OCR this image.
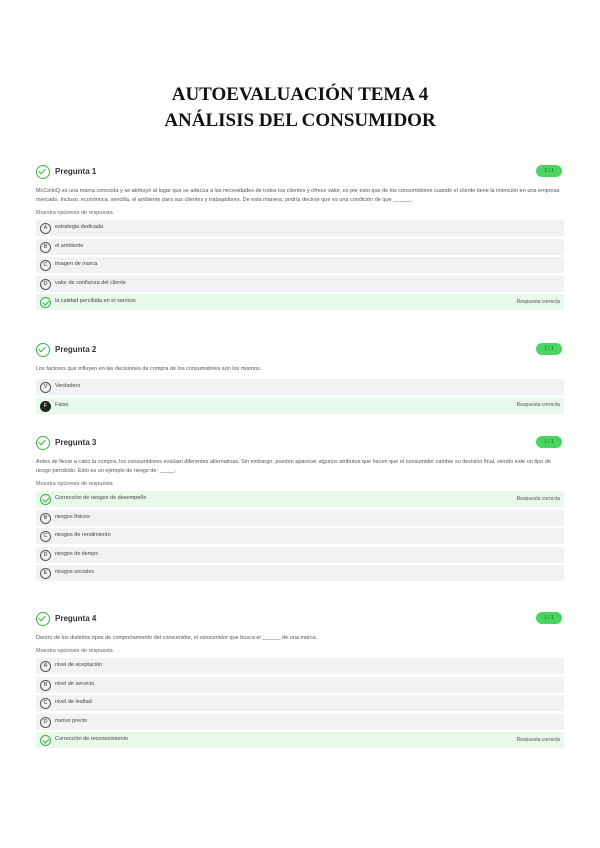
AUTOEVALUACIÓN TEMA 4
ANÁLISIS DEL CONSUMIDOR
Pregunta 1	1 / 1
McColloQ es una marca conocida y se atribuyó al lugar que se adecúa a las necesidades de todos los clientes y ofrece valor, es por esto que de los consumidores cuando el cliente tiene la intención en una empresa mercado. Incluso, económica, sencilla, el ambiente para sus clientes y trabajadores. De esta manera, podría decirse que es una condición de que ______.
Muestra opciones de respuesta
A	estrategia dedicada
B	el ambiente
C	imagen de marca
D	valor de confianza del cliente
la calidad percibida en el servicio	Respuesta correcta
Pregunta 2	1 / 1
Los factores que influyen en las decisiones de compra de los consumidores son los mismos.
V	Verdadero
F	Falso	Respuesta correcta
Pregunta 3	1 / 1
Antes de llevar a cabo la compra, los consumidores evalúan diferentes alternativas. Sin embargo, pueden aparecer algunos atributos que hacen que el consumidor cambie su decisión final, siendo este un tipo de riesgo percibido. Esto es un ejemplo de riesgo de: _____.
Muestra opciones de respuesta
Corrección de riesgos de desempeño	Respuesta correcta
B	riesgos físicos
C	riesgos de rendimiento
D	riesgos de tiempo
E	riesgos sociales
Pregunta 4	1 / 1
Dentro de los distintos tipos de comportamiento del consumidor, el consumidor que busca el ______ de una marca.
Muestra opciones de respuesta
A	nivel de aceptación
B	nivel de servicio
C	nivel de lealtad
D	menor precio
Corrección de reconocimiento	Respuesta correcta
